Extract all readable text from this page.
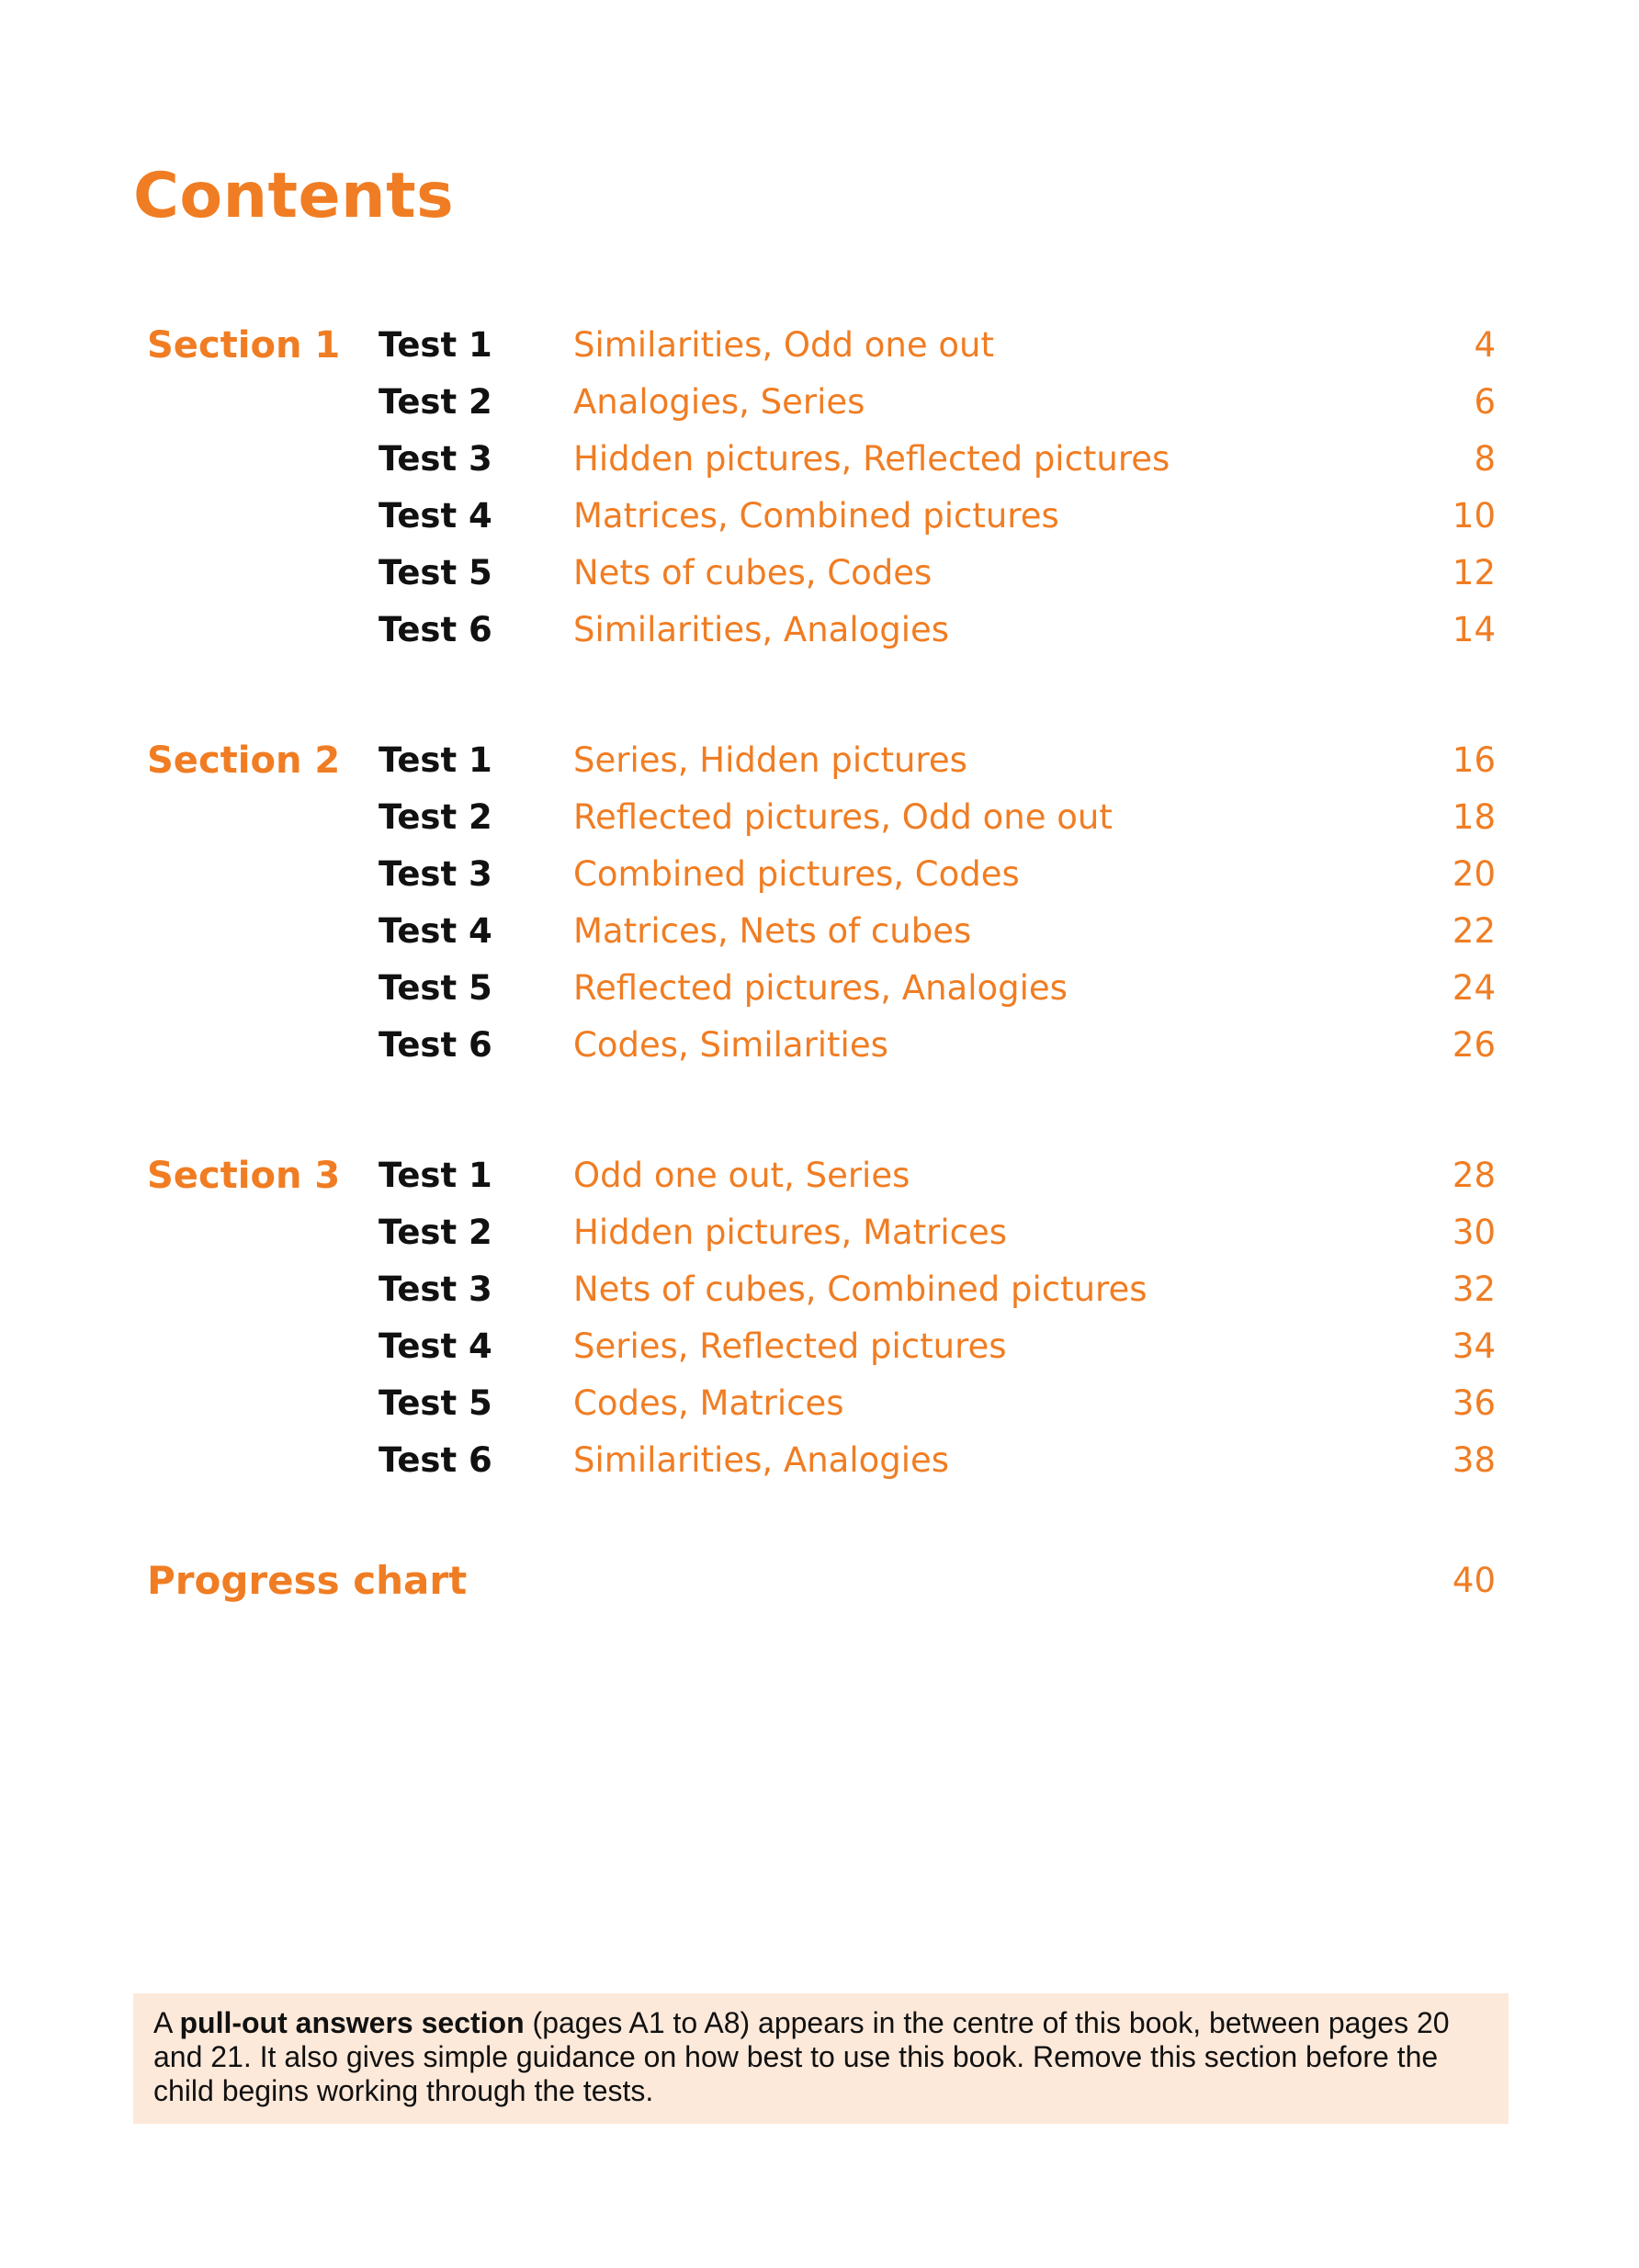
Contents
Section 1 Test 1 Similarities, Odd one out	4
Test 2 Analogies, Series	6
Test 3 Hidden pictures, Reflected pictures	8
Test 4 Matrices, Combined pictures	10
Test 5 Nets of cubes, Codes	12
Test 6 Similarities, Analogies	14
Section 2 Test 1 Series, Hidden pictures	16
Test 2 Reflected pictures, Odd one out	18
Test 3 Combined pictures, Codes	20
Test 4 Matrices, Nets of cubes	22
Test 5 Reflected pictures, Analogies	24
Test 6 Codes, Similarities	26
Section 3 Test 1 Odd one out, Series	28
Test 2 Hidden pictures, Matrices	30
Test 3 Nets of cubes, Combined pictures	32
Test 4 Series, Reflected pictures	34
Test 5 Codes, Matrices	36
Test 6 Similarities, Analogies	38
Progress chart	40
A pull-out answers section (pages A1 to A8) appears in the centre of this book, between pages 20 and 21. It also gives simple guidance on how best to use this book. Remove this section before the child begins working through the tests.
